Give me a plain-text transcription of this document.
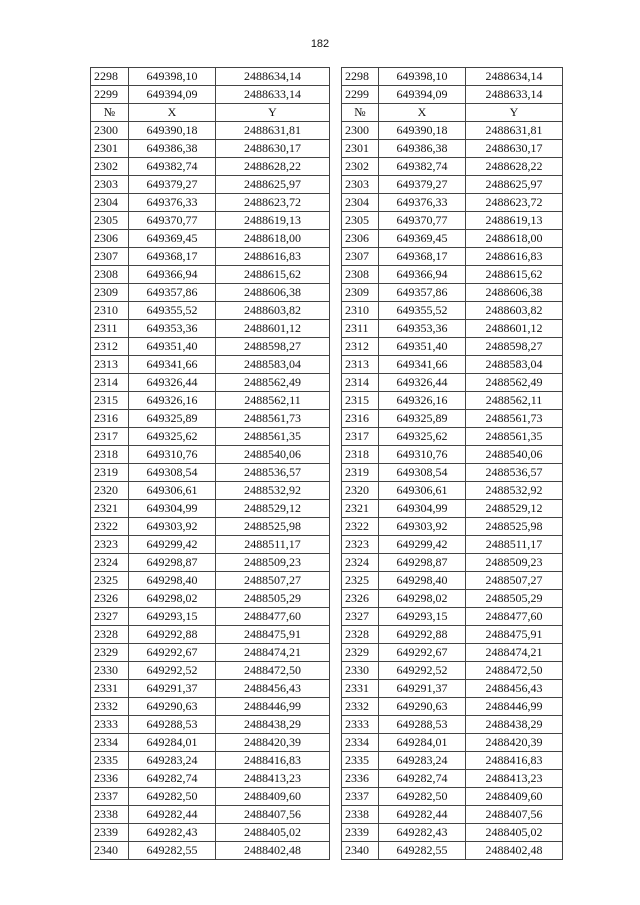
182
2298	649398,10	2488634,14
2299	649394,09	2488633,14
№	X	Y
2300	649390,18	2488631,81
2301	649386,38	2488630,17
2302	649382,74	2488628,22
2303	649379,27	2488625,97
2304	649376,33	2488623,72
2305	649370,77	2488619,13
2306	649369,45	2488618,00
2307	649368,17	2488616,83
2308	649366,94	2488615,62
2309	649357,86	2488606,38
2310	649355,52	2488603,82
2311	649353,36	2488601,12
2312	649351,40	2488598,27
2313	649341,66	2488583,04
2314	649326,44	2488562,49
2315	649326,16	2488562,11
2316	649325,89	2488561,73
2317	649325,62	2488561,35
2318	649310,76	2488540,06
2319	649308,54	2488536,57
2320	649306,61	2488532,92
2321	649304,99	2488529,12
2322	649303,92	2488525,98
2323	649299,42	2488511,17
2324	649298,87	2488509,23
2325	649298,40	2488507,27
2326	649298,02	2488505,29
2327	649293,15	2488477,60
2328	649292,88	2488475,91
2329	649292,67	2488474,21
2330	649292,52	2488472,50
2331	649291,37	2488456,43
2332	649290,63	2488446,99
2333	649288,53	2488438,29
2334	649284,01	2488420,39
2335	649283,24	2488416,83
2336	649282,74	2488413,23
2337	649282,50	2488409,60
2338	649282,44	2488407,56
2339	649282,43	2488405,02
2340	649282,55	2488402,48
2298	649398,10	2488634,14
2299	649394,09	2488633,14
№	X	Y
2300	649390,18	2488631,81
2301	649386,38	2488630,17
2302	649382,74	2488628,22
2303	649379,27	2488625,97
2304	649376,33	2488623,72
2305	649370,77	2488619,13
2306	649369,45	2488618,00
2307	649368,17	2488616,83
2308	649366,94	2488615,62
2309	649357,86	2488606,38
2310	649355,52	2488603,82
2311	649353,36	2488601,12
2312	649351,40	2488598,27
2313	649341,66	2488583,04
2314	649326,44	2488562,49
2315	649326,16	2488562,11
2316	649325,89	2488561,73
2317	649325,62	2488561,35
2318	649310,76	2488540,06
2319	649308,54	2488536,57
2320	649306,61	2488532,92
2321	649304,99	2488529,12
2322	649303,92	2488525,98
2323	649299,42	2488511,17
2324	649298,87	2488509,23
2325	649298,40	2488507,27
2326	649298,02	2488505,29
2327	649293,15	2488477,60
2328	649292,88	2488475,91
2329	649292,67	2488474,21
2330	649292,52	2488472,50
2331	649291,37	2488456,43
2332	649290,63	2488446,99
2333	649288,53	2488438,29
2334	649284,01	2488420,39
2335	649283,24	2488416,83
2336	649282,74	2488413,23
2337	649282,50	2488409,60
2338	649282,44	2488407,56
2339	649282,43	2488405,02
2340	649282,55	2488402,48
